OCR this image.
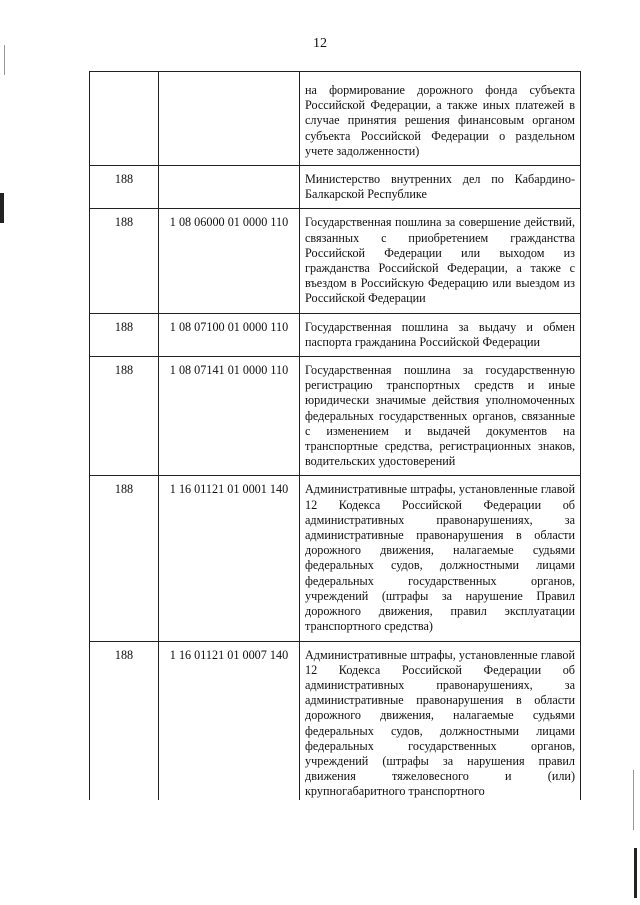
12
		на формирование дорожного фонда субъекта Российской Федерации, а также иных платежей в случае принятия решения финансовым органом субъекта Российской Федерации о раздельном учете задолженности)
188		Министерство внутренних дел по Кабардино-Балкарской Республике
188	1 08 06000 01 0000 110	Государственная пошлина за совершение действий, связанных с приобретением гражданства Российской Федерации или выходом из гражданства Российской Федерации, а также с въездом в Российскую Федерацию или выездом из Российской Федерации
188	1 08 07100 01 0000 110	Государственная пошлина за выдачу и обмен паспорта гражданина Российской Федерации
188	1 08 07141 01 0000 110	Государственная пошлина за государственную регистрацию транспортных средств и иные юридически значимые действия уполномоченных федеральных государственных органов, связанные с изменением и выдачей документов на транспортные средства, регистрационных знаков, водительских удостоверений
188	1 16 01121 01 0001 140	Административные штрафы, установленные главой 12 Кодекса Российской Федерации об административных правонарушениях, за административные правонарушения в области дорожного движения, налагаемые судьями федеральных судов, должностными лицами федеральных государственных органов, учреждений (штрафы за нарушение Правил дорожного движения, правил эксплуатации транспортного средства)
188	1 16 01121 01 0007 140	Административные штрафы, установленные главой 12 Кодекса Российской Федерации об административных правонарушениях, за административные правонарушения в области дорожного движения, налагаемые судьями федеральных судов, должностными лицами федеральных государственных органов, учреждений (штрафы за нарушения правил движения тяжеловесного и (или) крупногабаритного транспортного
